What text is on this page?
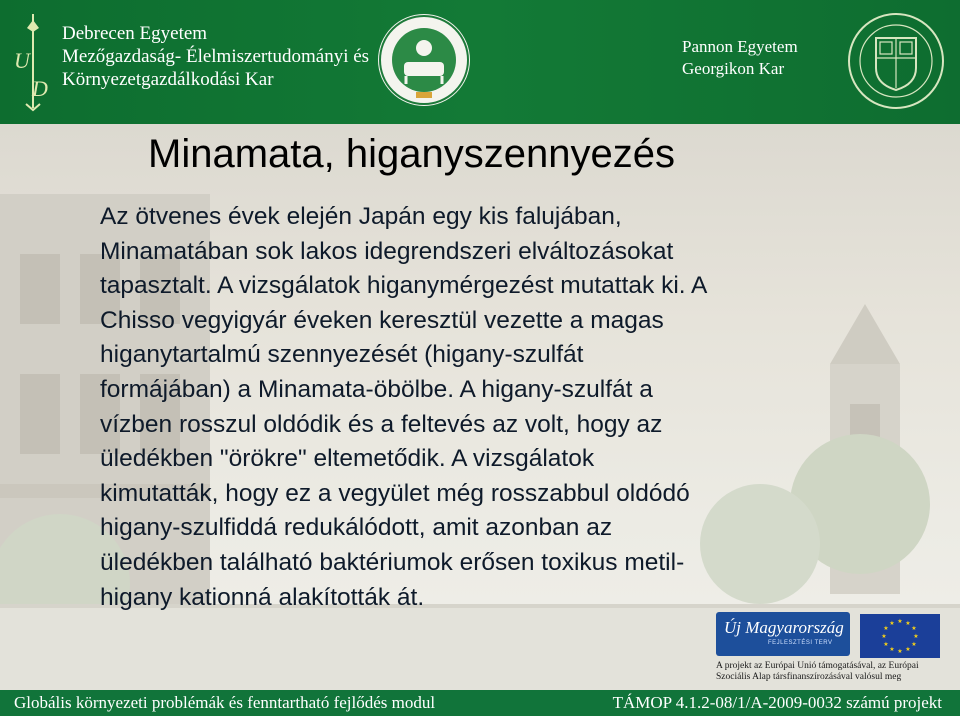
U
D
Debrecen Egyetem
Mezőgazdaság- Élelmiszertudományi és
Környezetgazdálkodási Kar
Pannon Egyetem
Georgikon Kar
Minamata, higanyszennyezés
Az ötvenes évek elején Japán egy kis falujában,
Minamatában sok lakos idegrendszeri elváltozásokat
tapasztalt. A vizsgálatok higanymérgezést mutattak ki. A
Chisso vegyigyár éveken keresztül vezette a magas
higanytartalmú szennyezését (higany-szulfát
formájában) a Minamata-öbölbe. A higany-szulfát a
vízben rosszul oldódik és a feltevés az volt, hogy az
üledékben "örökre" eltemetődik. A vizsgálatok
kimutatták, hogy ez a vegyület még rosszabbul oldódó
higany-szulfiddá redukálódott, amit azonban az
üledékben található baktériumok erősen toxikus metil-
higany kationná alakították át.
Új Magyarország
FEJLESZTÉSI TERV
★ ★
★
★
★
★
★
★
★
★
★
★
A projekt az Európai Unió támogatásával, az Európai
Szociális Alap társfinanszírozásával valósul meg
Globális környezeti problémák és fenntartható fejlődés modul	TÁMOP 4.1.2-08/1/A-2009-0032 számú projekt
